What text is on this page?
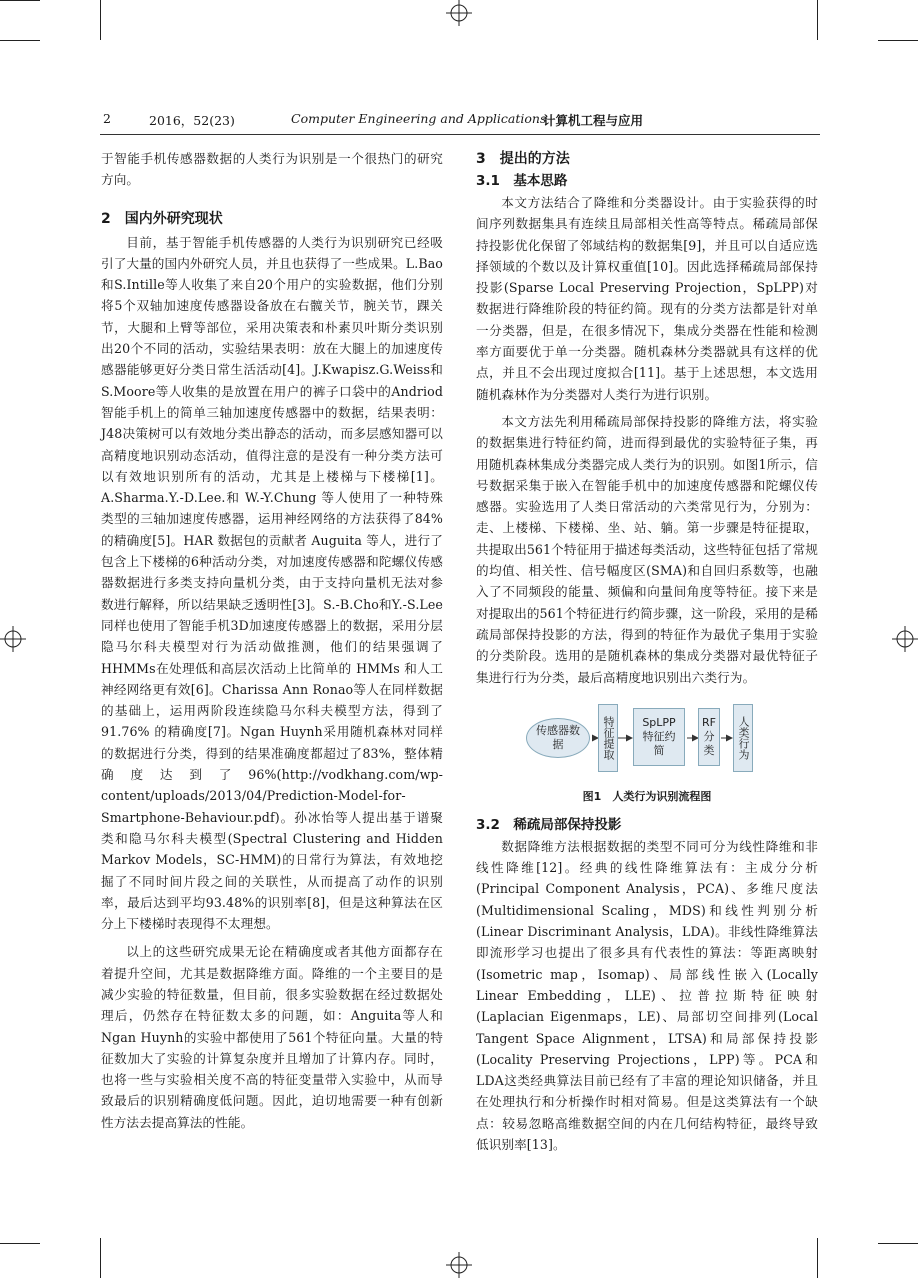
2	2016，52(23)	Computer Engineering and Applications
计算机工程与应用

于智能手机传感器数据的人类行为识别是一个很热门的研究方向。

2　国内外研究现状

目前，基于智能手机传感器的人类行为识别研究已经吸引了大量的国内外研究人员，并且也获得了一些成果。L.Bao和S.Intille等人收集了来自20个用户的实验数据，他们分别将5个双轴加速度传感器设备放在右髋关节，腕关节，踝关节，大腿和上臂等部位，采用决策表和朴素贝叶斯分类识别出20个不同的活动，实验结果表明：放在大腿上的加速度传感器能够更好分类日常生活活动[4]。J.Kwapisz.G.Weiss和S.Moore等人收集的是放置在用户的裤子口袋中的Andriod智能手机上的简单三轴加速度传感器中的数据，结果表明：J48决策树可以有效地分类出静态的活动，而多层感知器可以高精度地识别动态活动，值得注意的是没有一种分类方法可以有效地识别所有的活动，尤其是上楼梯与下楼梯[1]。A.Sharma.Y.-D.Lee.和 W.-Y.Chung 等人使用了一种特殊类型的三轴加速度传感器，运用神经网络的方法获得了84%的精确度[5]。HAR 数据包的贡献者 Auguita 等人，进行了包含上下楼梯的6种活动分类，对加速度传感器和陀螺仪传感器数据进行多类支持向量机分类，由于支持向量机无法对参数进行解释，所以结果缺乏透明性[3]。S.-B.Cho和Y.-S.Lee同样也使用了智能手机3D加速度传感器上的数据，采用分层隐马尔科夫模型对行为活动做推测，他们的结果强调了HHMMs在处理低和高层次活动上比简单的 HMMs 和人工神经网络更有效[6]。Charissa Ann Ronao等人在同样数据的基础上，运用两阶段连续隐马尔科夫模型方法，得到了 91.76% 的精确度[7]。Ngan Huynh采用随机森林对同样的数据进行分类，得到的结果准确度都超过了83%，整体精确度达到了96%(http://vodkhang.com/wp-content/uploads/2013/04/Prediction-Model-for-Smartphone-Behaviour.pdf)。孙冰怡等人提出基于谱聚类和隐马尔科夫模型(Spectral Clustering and Hidden Markov Models，SC-HMM)的日常行为算法，有效地挖掘了不同时间片段之间的关联性，从而提高了动作的识别率，最后达到平均93.48%的识别率[8]，但是这种算法在区分上下楼梯时表现得不太理想。

以上的这些研究成果无论在精确度或者其他方面都存在着提升空间，尤其是数据降维方面。降维的一个主要目的是减少实验的特征数量，但目前，很多实验数据在经过数据处理后，仍然存在特征数太多的问题，如：Anguita等人和Ngan Huynh的实验中都使用了561个特征向量。大量的特征数加大了实验的计算复杂度并且增加了计算内存。同时，也将一些与实验相关度不高的特征变量带入实验中，从而导致最后的识别精确度低问题。因此，迫切地需要一种有创新性方法去提高算法的性能。

3　提出的方法

3.1　基本思路

本文方法结合了降维和分类器设计。由于实验获得的时间序列数据集具有连续且局部相关性高等特点。稀疏局部保持投影优化保留了邻域结构的数据集[9]，并且可以自适应选择领域的个数以及计算权重值[10]。因此选择稀疏局部保持投影(Sparse Local Preserving Projection，SpLPP)对数据进行降维阶段的特征约简。现有的分类方法都是针对单一分类器，但是，在很多情况下，集成分类器在性能和检测率方面要优于单一分类器。随机森林分类器就具有这样的优点，并且不会出现过度拟合[11]。基于上述思想，本文选用随机森林作为分类器对人类行为进行识别。

本文方法先利用稀疏局部保持投影的降维方法，将实验的数据集进行特征约简，进而得到最优的实验特征子集，再用随机森林集成分类器完成人类行为的识别。如图1所示，信号数据采集于嵌入在智能手机中的加速度传感器和陀螺仪传感器。实验选用了人类日常活动的六类常见行为，分别为：走、上楼梯、下楼梯、坐、站、躺。第一步骤是特征提取，共提取出561个特征用于描述每类活动，这些特征包括了常规的均值、相关性、信号幅度区(SMA)和自回归系数等，也融入了不同频段的能量、频偏和向量间角度等特征。接下来是对提取出的561个特征进行约简步骤，这一阶段，采用的是稀疏局部保持投影的方法，得到的特征作为最优子集用于实验的分类阶段。选用的是随机森林的集成分类器对最优特征子集进行行为分类，最后高精度地识别出六类行为。

传感器数据	特征提取	SpLPP特征约简
RF分类	人类行为

图1　人类行为识别流程图

3.2　稀疏局部保持投影

数据降维方法根据数据的类型不同可分为线性降维和非线性降维[12]。经典的线性降维算法有：主成分分析(Principal Component Analysis，PCA)、多维尺度法(Multidimensional Scaling，MDS)和线性判别分析(Linear Discriminant Analysis，LDA)。非线性降维算法即流形学习也提出了很多具有代表性的算法：等距离映射(Isometric map，Isomap)、局部线性嵌入(Locally Linear Embedding，LLE)、拉普拉斯特征映射(Laplacian Eigenmaps，LE)、局部切空间排列(Local Tangent Space Alignment，LTSA)和局部保持投影(Locality Preserving Projections，LPP)等。PCA和LDA这类经典算法目前已经有了丰富的理论知识储备，并且在处理执行和分析操作时相对简易。但是这类算法有一个缺点：较易忽略高维数据空间的内在几何结构特征，最终导致低识别率[13]。
